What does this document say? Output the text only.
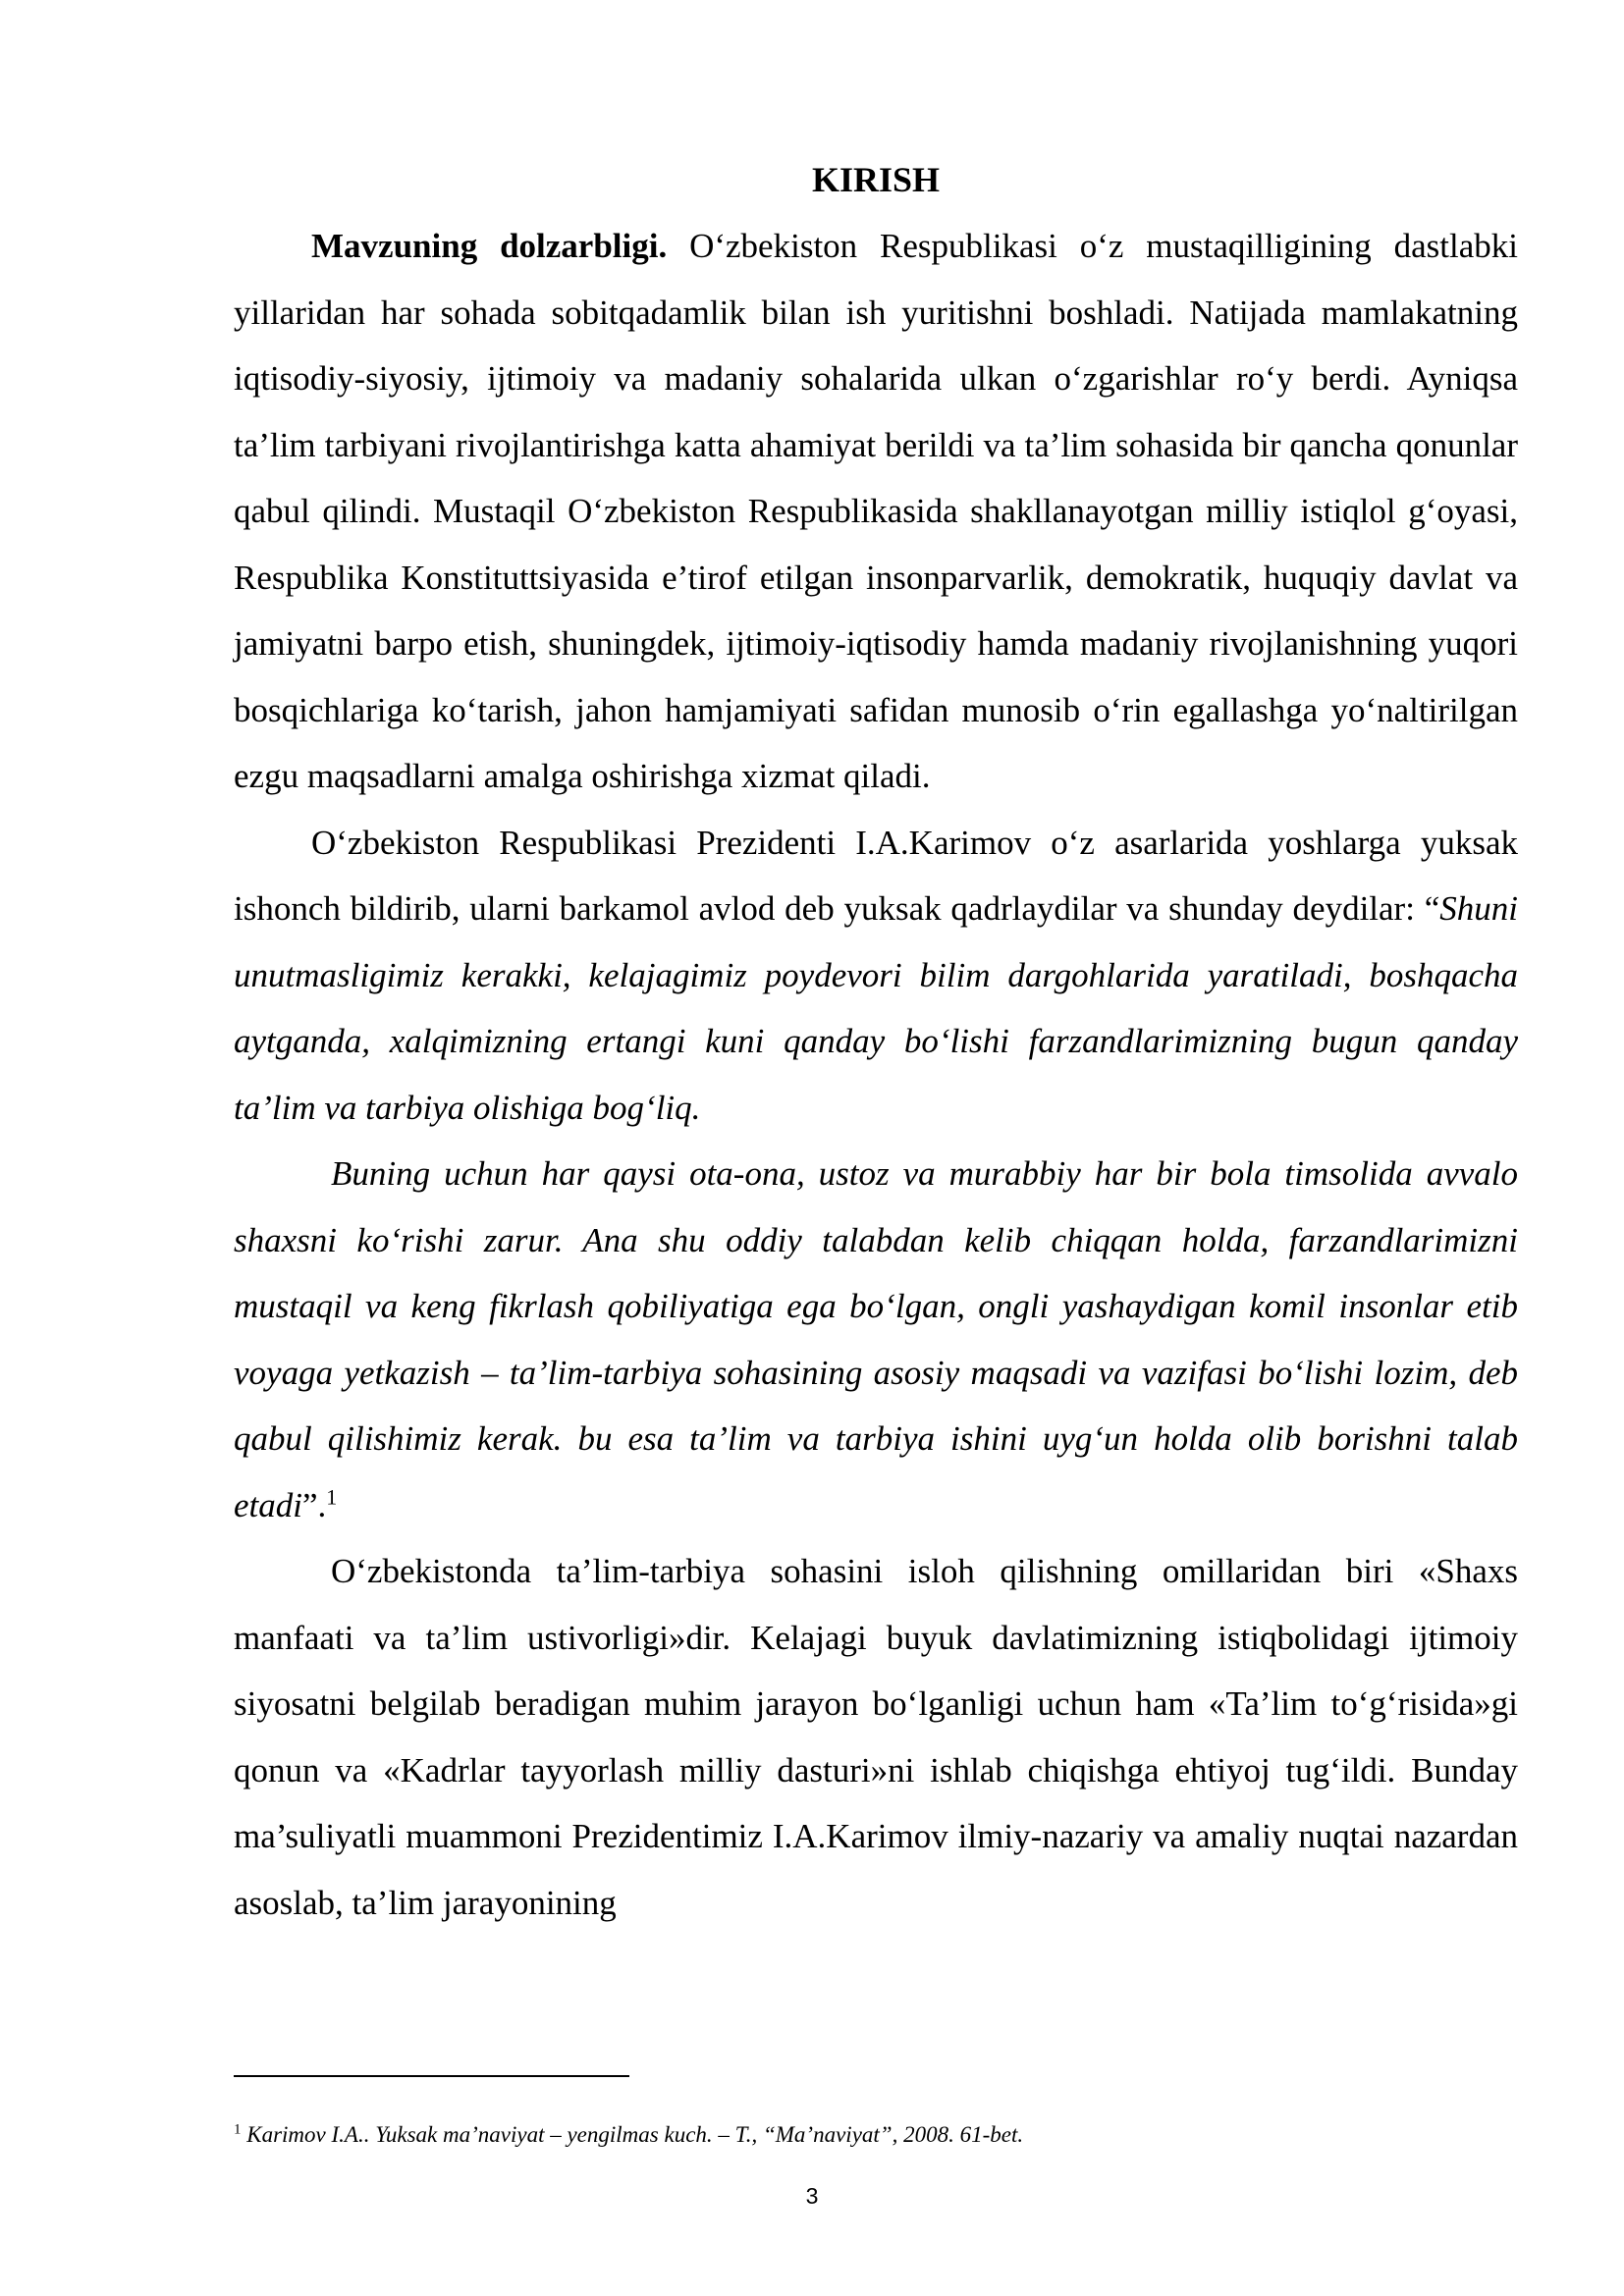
KIRISH

Mavzuning dolzarbligi. O‘zbekiston Respublikasi o‘z mustaqilligining dastlabki yillaridan har sohada sobitqadamlik bilan ish yuritishni boshladi. Natijada mamlakatning iqtisodiy-siyosiy, ijtimoiy va madaniy sohalarida ulkan o‘zgarishlar ro‘y berdi. Ayniqsa ta’lim tarbiyani rivojlantirishga katta ahamiyat berildi va ta’lim sohasida bir qancha qonunlar qabul qilindi. Mustaqil O‘zbekiston Respublikasida shakllanayotgan milliy istiqlol g‘oyasi, Respublika Konstituttsiyasida e’tirof etilgan insonparvarlik, demokratik, huquqiy davlat va jamiyatni barpo etish, shuningdek, ijtimoiy-iqtisodiy hamda madaniy rivojlanishning yuqori bosqichlariga ko‘tarish, jahon hamjamiyati safidan munosib o‘rin egallashga yo‘naltirilgan ezgu maqsadlarni amalga oshirishga xizmat qiladi.

O‘zbekiston Respublikasi Prezidenti I.A.Karimov o‘z asarlarida yoshlarga yuksak ishonch bildirib, ularni barkamol avlod deb yuksak qadrlaydilar va shunday deydilar: “Shuni unutmasligimiz kerakki, kelajagimiz poydevori bilim dargohlarida yaratiladi, boshqacha aytganda, xalqimizning ertangi kuni qanday bo‘lishi farzandlarimizning bugun qanday ta’lim va tarbiya olishiga bog‘liq.

Buning uchun har qaysi ota-ona, ustoz va murabbiy har bir bola timsolida avvalo shaxsni ko‘rishi zarur. Ana shu oddiy talabdan kelib chiqqan holda, farzandlarimizni mustaqil va keng fikrlash qobiliyatiga ega bo‘lgan, ongli yashaydigan komil insonlar etib voyaga yetkazish – ta’lim-tarbiya sohasining asosiy maqsadi va vazifasi bo‘lishi lozim, deb qabul qilishimiz kerak. bu esa ta’lim va tarbiya ishini uyg‘un holda olib borishni talab etadi”.$^1$

O‘zbekistonda ta’lim-tarbiya sohasini isloh qilishning omillaridan biri «Shaxs manfaati va ta’lim ustivorligi»dir. Kelajagi buyuk davlatimizning istiqbolidagi ijtimoiy siyosatni belgilab beradigan muhim jarayon bo‘lganligi uchun ham «Ta’lim to‘g‘risida»gi qonun va «Kadrlar tayyorlash milliy dasturi»ni ishlab chiqishga ehtiyoj tug‘ildi. Bunday ma’suliyatli muammoni Prezidentimiz I.A.Karimov ilmiy-nazariy va amaliy nuqtai nazardan asoslab, ta’lim jarayonining

$^1$ Karimov I.A.. Yuksak ma’naviyat – yengilmas kuch. – T., “Ma’naviyat”, 2008. 61-bet.

3
